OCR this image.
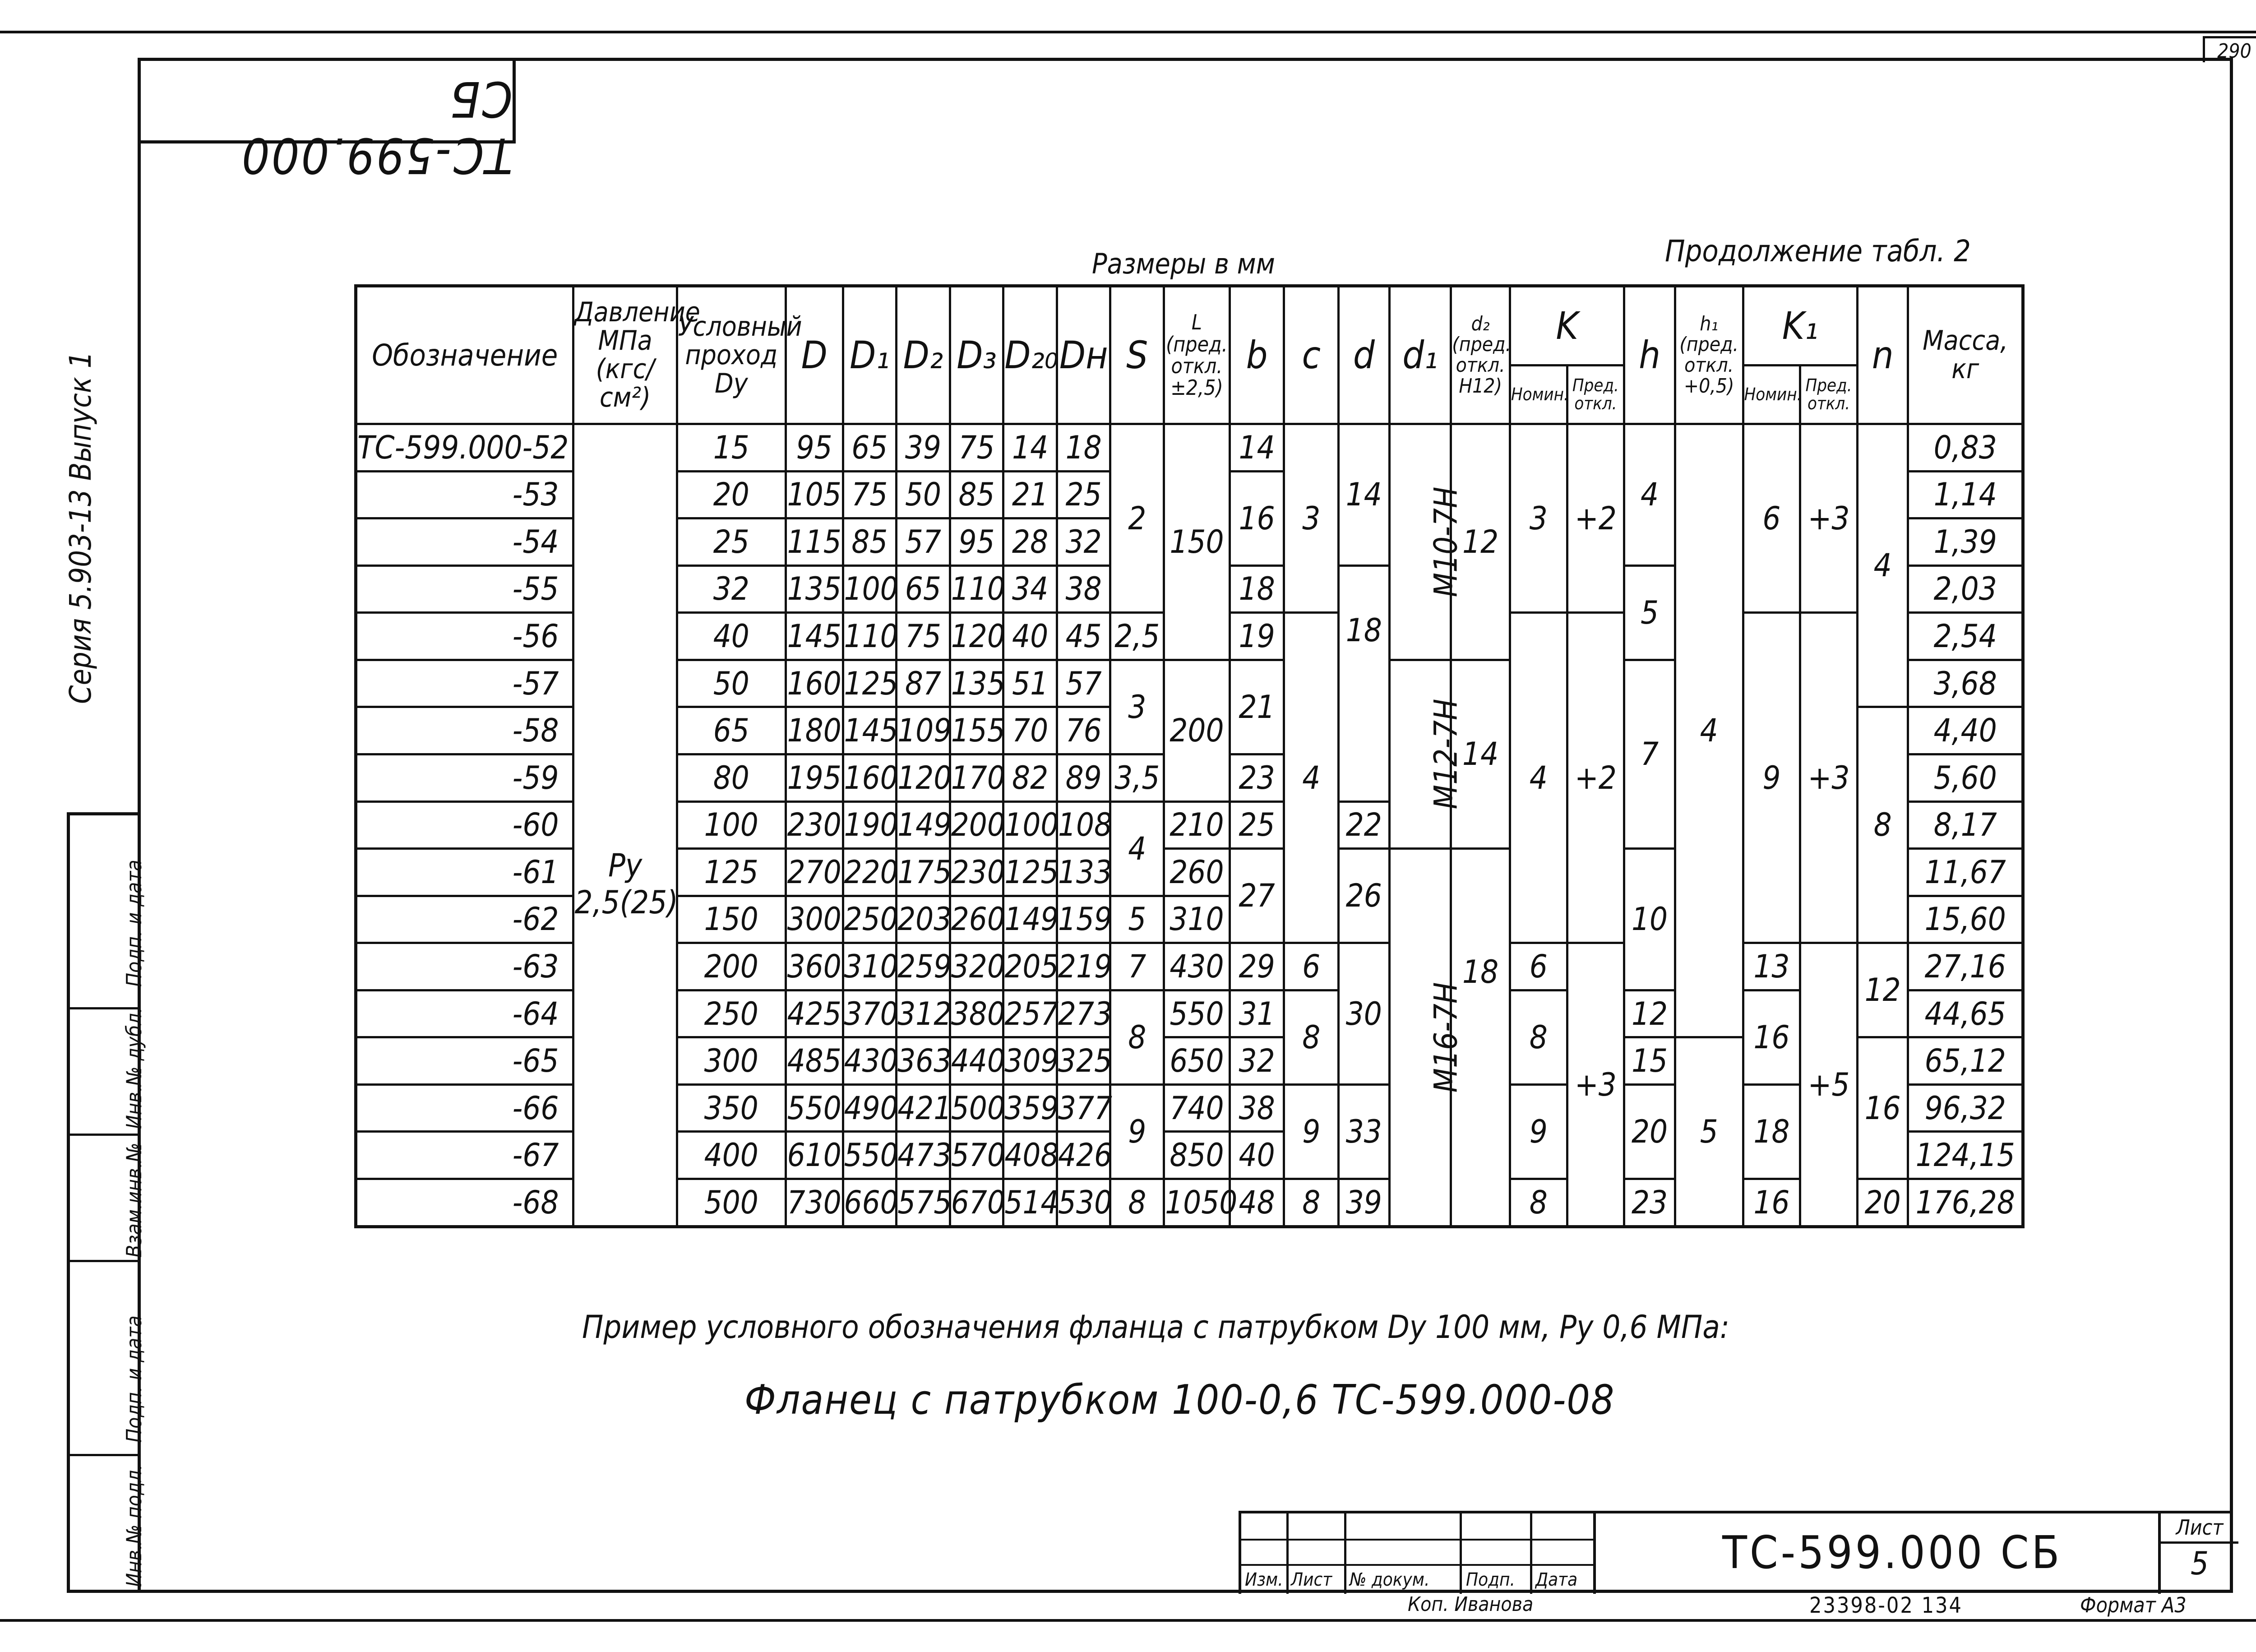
290
ТС-599.000 СБ
Серия 5.903-13 Выпуск 1
Подп. и дата
Инв.№ дубл.
Взам.инв.№
Подп. и дата
Инв.№ подл.
Размеры в мм	Продолжение табл. 2
Обозначение	Давление МПа (кгс/см²)	Условный проход Dу	D	D₁	D₂	D₃	D₂₀	Dн	S	L (пред. откл. ±2,5)	b	c	d	d₁	d₂ (пред. откл. H12)	K		h	h₁ (пред. откл. +0,5)	K₁		n	Масса, кг
																Номин.	Пред. откл.			Номин.	Пред. откл.		
ТС-599.000-52	Ру 2,5(25)	15	95	65	39	75	14	18	2	150	14	3	14	M10-7H	12	3	+2	4	4	6	+3	4	0,83
-53		20	105	75	50	85	21	25			16												1,14
-54		25	115	85	57	95	28	32															1,39
-55		32	135	100	65	110	34	38			18		18					5					2,03
-56		40	145	110	75	120	40	45	2,5		19	4				4	+2			9	+3		2,54
-57		50	160	125	87	135	51	57	3	200	21			M12-7H	14			7					3,68
-58		65	180	145	109	155	70	76														8	4,40
-59		80	195	160	120	170	82	89	3,5		23												5,60
-60		100	230	190	149	200	100	108	4	210	25		22										8,17
-61		125	270	220	175	230	125	133		260	27		26	M16-7H	18			10					11,67
-62		150	300	250	203	260	149	159	5	310													15,60
-63		200	360	310	259	320	205	219	7	430	29	6	30			6	+3			13	+5	12	27,16
-64		250	425	370	312	380	257	273	8	550	31	8				8		12		16			44,65
-65		300	485	430	363	440	309	325		650	32							15	5			16	65,12
-66		350	550	490	421	500	359	377	9	740	38	9	33			9		20		18			96,32
-67		400	610	550	473	570	408	426		850	40												124,15
-68		500	730	660	575	670	514	530	8	1050	48	8	39			8		23		16		20	176,28
Пример условного обозначения фланца с патрубком Dу 100 мм, Ру 0,6 МПа:
Фланец с патрубком 100-0,6 ТС-599.000-08
Изм. Лист № докум. Подп. Дата
ТС-599.000 СБ	Лист
5
Коп. Иванова	23398-02 134	Формат А3
